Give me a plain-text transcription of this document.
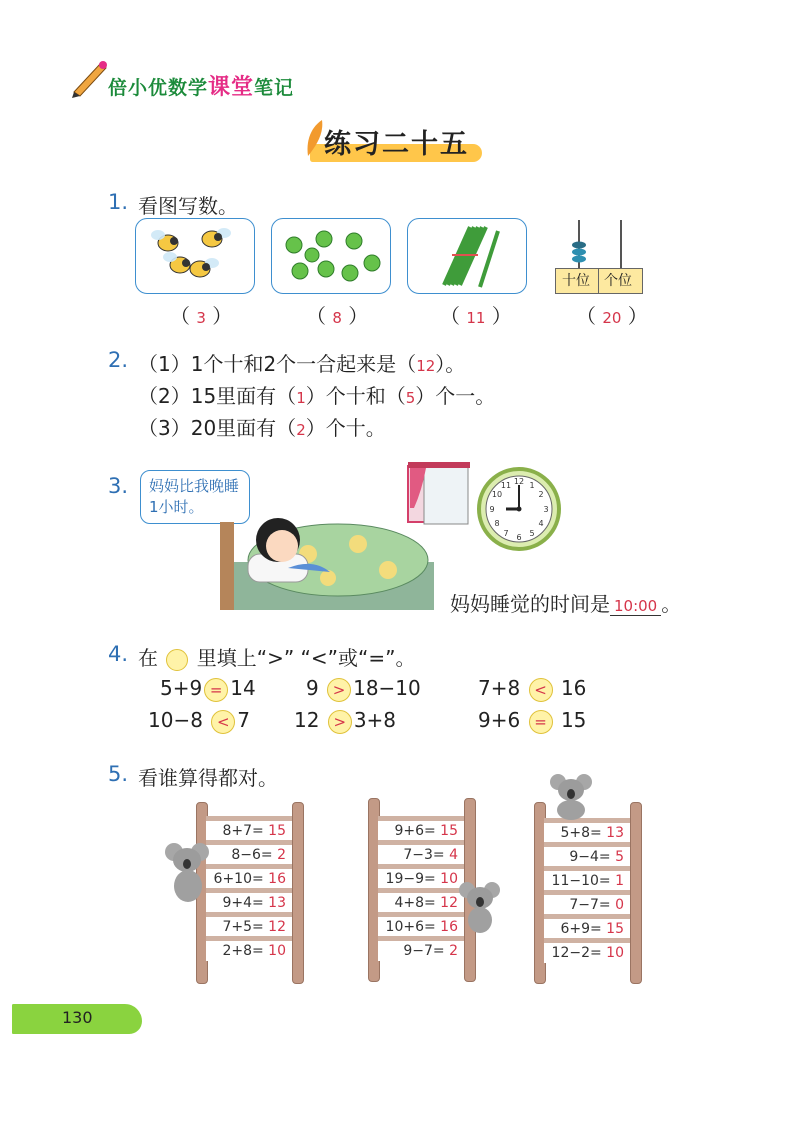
倍小优数学课堂笔记
练习二十五
1. 看图写数。
十位 个位
（ 3 ）	（ 8 ）	（ 11 ）	（ 20 ）
2. （1）1个十和2个一合起来是（12）。
（2）15里面有（1）个十和（5）个一。
（3）20里面有（2）个十。
3. 妈妈比我晚睡1小时。
12 1
2
3
4
5
6
7
8
9
10
11
妈妈睡觉的时间是 10:00 。
4. 在 里填上“>” “<”或“=”。
5+9 = 14	9 > 18−10	7+8 < 16
10−8 < 7 12 > 3+8	9+6 = 15
5. 看谁算得都对。
8+7= 15
8−6= 2
6+10= 16
9+4= 13
7+5= 12
2+8= 10
9+6= 15
7−3= 4
19−9= 10
4+8= 12
10+6= 16
9−7= 2
5+8= 13
9−4= 5
11−10= 1
7−7= 0
6+9= 15
12−2= 10
130
